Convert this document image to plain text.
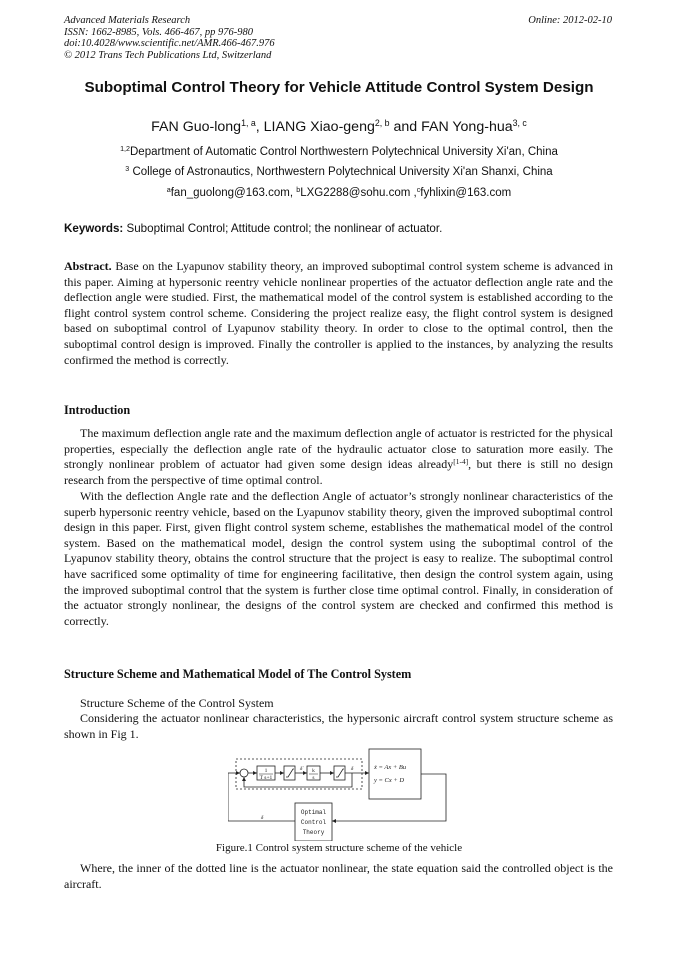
Advanced Materials Research
ISSN: 1662-8985, Vols. 466-467, pp 976-980
doi:10.4028/www.scientific.net/AMR.466-467.976
© 2012 Trans Tech Publications Ltd, Switzerland
Online: 2012-02-10
Suboptimal Control Theory for Vehicle Attitude Control System Design
FAN Guo-long$^{1, a}$, LIANG Xiao-geng$^{2, b}$ and FAN Yong-hua$^{3, c}$
$^{1,2}$Department of Automatic Control Northwestern Polytechnical University Xi'an, China
$^3$ College of Astronautics, Northwestern Polytechnical University Xi'an Shanxi, China
$^a$fan_guolong@163.com, $^b$LXG2288@sohu.com ,$^c$fyhlixin@163.com
Keywords: Suboptimal Control; Attitude control; the nonlinear of actuator.

Abstract. Base on the Lyapunov stability theory, an improved suboptimal control system scheme is advanced in this paper. Aiming at hypersonic reentry vehicle nonlinear properties of the actuator deflection angle rate and the deflection angle were studied. First, the mathematical model of the control system is established according to the flight control system control scheme. Considering the project realize easy, the flight control system is designed based on suboptimal control of Lyapunov stability theory. In order to close to the optimal control, then the suboptimal control design is improved. Finally the controller is applied to the instances, by analyzing the results confirmed the method is correctly.

Introduction

The maximum deflection angle rate and the maximum deflection angle of actuator is restricted for the physical properties, especially the deflection angle rate of the hydraulic actuator close to saturation more easily. The strongly nonlinear problem of actuator had given some design ideas already[1-4], but there is still no design research from the perspective of time optimal control.

With the deflection Angle rate and the deflection Angle of actuator’s strongly nonlinear characteristics of the superb hypersonic reentry vehicle, based on the Lyapunov stability theory, given the improved suboptimal control design in this paper. First, given flight control system scheme, establishes the mathematical model of the control system. Based on the mathematical model, design the control system using the suboptimal control of the Lyapunov stability theory, obtains the control structure that the project is easy to realize. The suboptimal control have sacrificed some optimality of time for engineering facilitative, then design the control system again, using the improved suboptimal control that the system is further close time optimal control. Finally, in consideration of the actuator strongly nonlinear, the designs of the control system are checked and confirmed this method is correctly.

Structure Scheme and Mathematical Model of The Control System
Structure Scheme of the Control System

Considering the actuator nonlinear characteristics, the hypersonic aircraft control system structure scheme as shown in Fig 1.

1
T s+1
k
s
δ̇	δ
δ
ẋ = Ax + Bu
y = Cx + D
Optimal
Control
Theory
Figure.1 Control system structure scheme of the vehicle

Where, the inner of the dotted line is the actuator nonlinear, the state equation said the controlled object is the aircraft.
